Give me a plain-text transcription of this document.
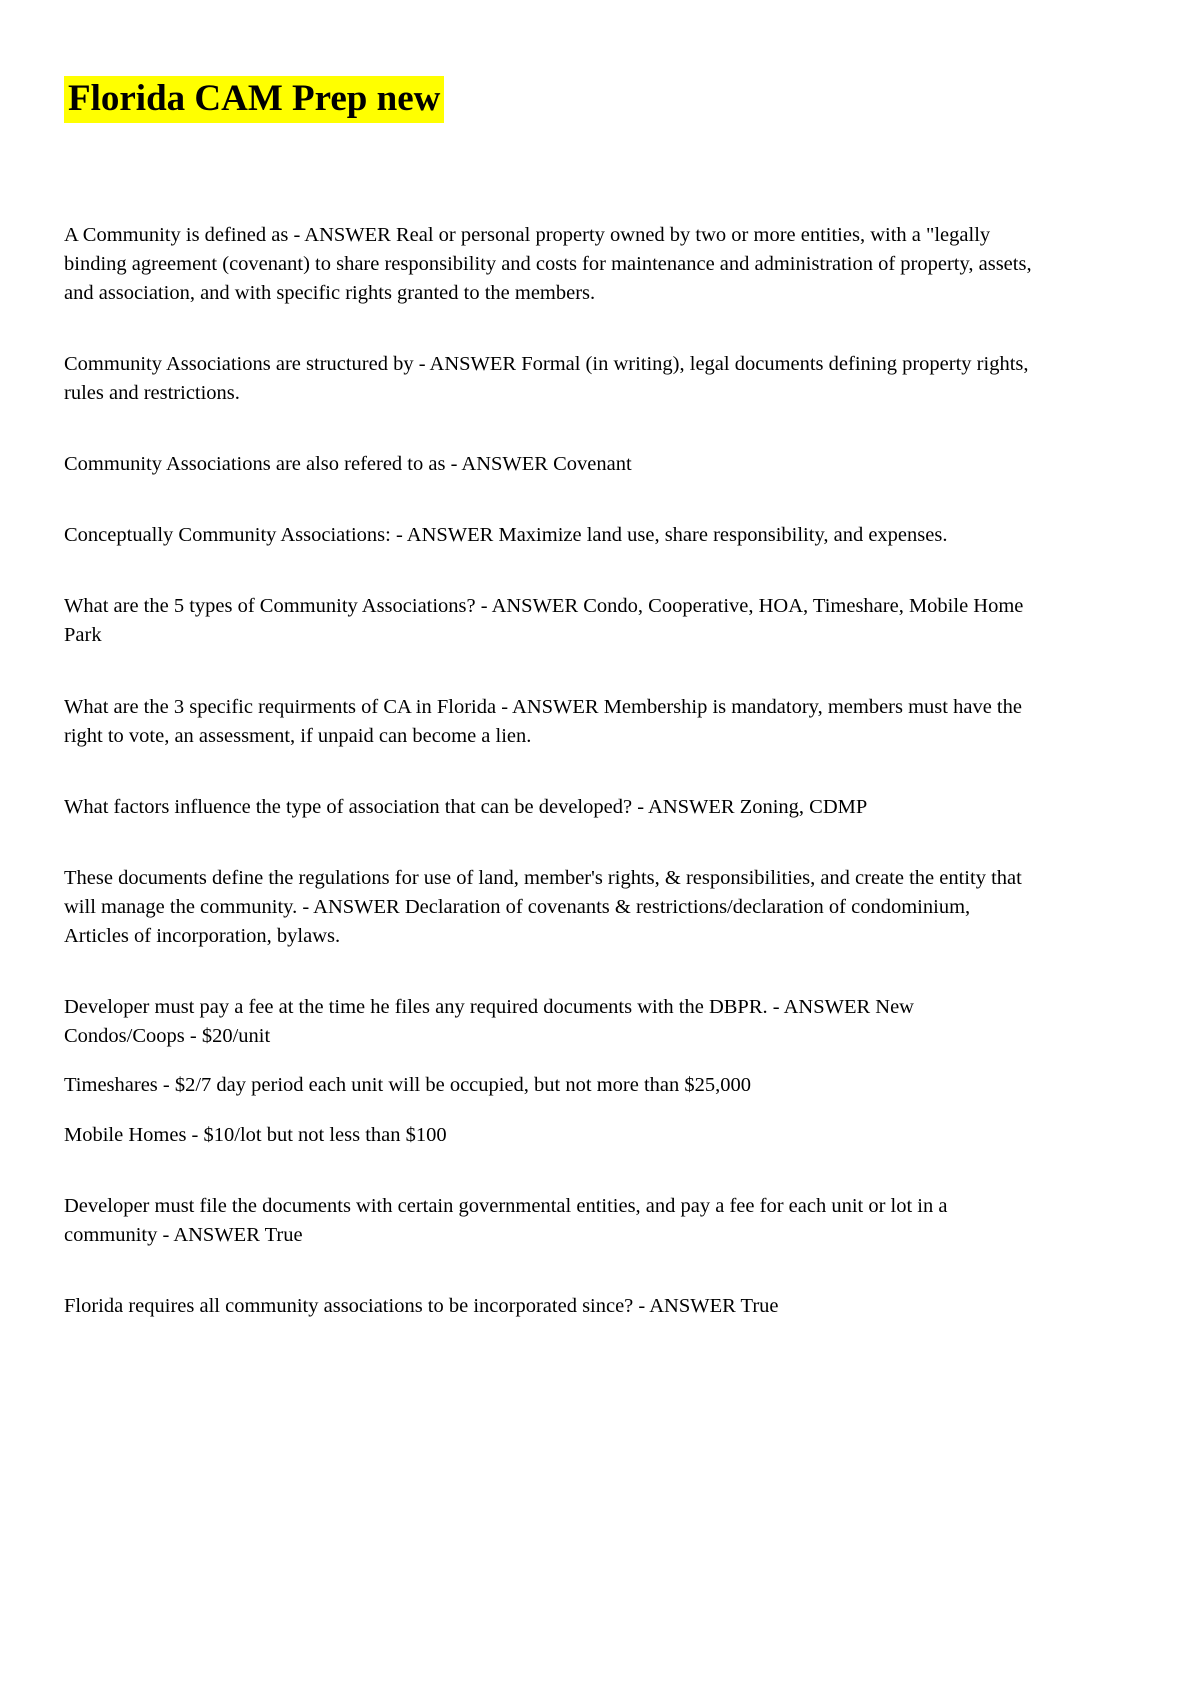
Florida CAM Prep new

A Community is defined as - ANSWER Real or personal property owned by two or more entities, with a "legally binding agreement (covenant) to share responsibility and costs for maintenance and administration of property, assets, and association, and with specific rights granted to the members.

Community Associations are structured by - ANSWER Formal (in writing), legal documents defining property rights, rules and restrictions.

Community Associations are also refered to as - ANSWER Covenant

Conceptually Community Associations: - ANSWER Maximize land use, share responsibility, and expenses.

What are the 5 types of Community Associations? - ANSWER Condo, Cooperative, HOA, Timeshare, Mobile Home Park

What are the 3 specific requirments of CA in Florida - ANSWER Membership is mandatory, members must have the right to vote, an assessment, if unpaid can become a lien.

What factors influence the type of association that can be developed? - ANSWER Zoning, CDMP

These documents define the regulations for use of land, member's rights, & responsibilities, and create the entity that will manage the community. - ANSWER Declaration of covenants & restrictions/declaration of condominium, Articles of incorporation, bylaws.

Developer must pay a fee at the time he files any required documents with the DBPR. - ANSWER New Condos/Coops - $20/unit

Timeshares - $2/7 day period each unit will be occupied, but not more than $25,000

Mobile Homes - $10/lot but not less than $100

Developer must file the documents with certain governmental entities, and pay a fee for each unit or lot in a community - ANSWER True

Florida requires all community associations to be incorporated since? - ANSWER True
